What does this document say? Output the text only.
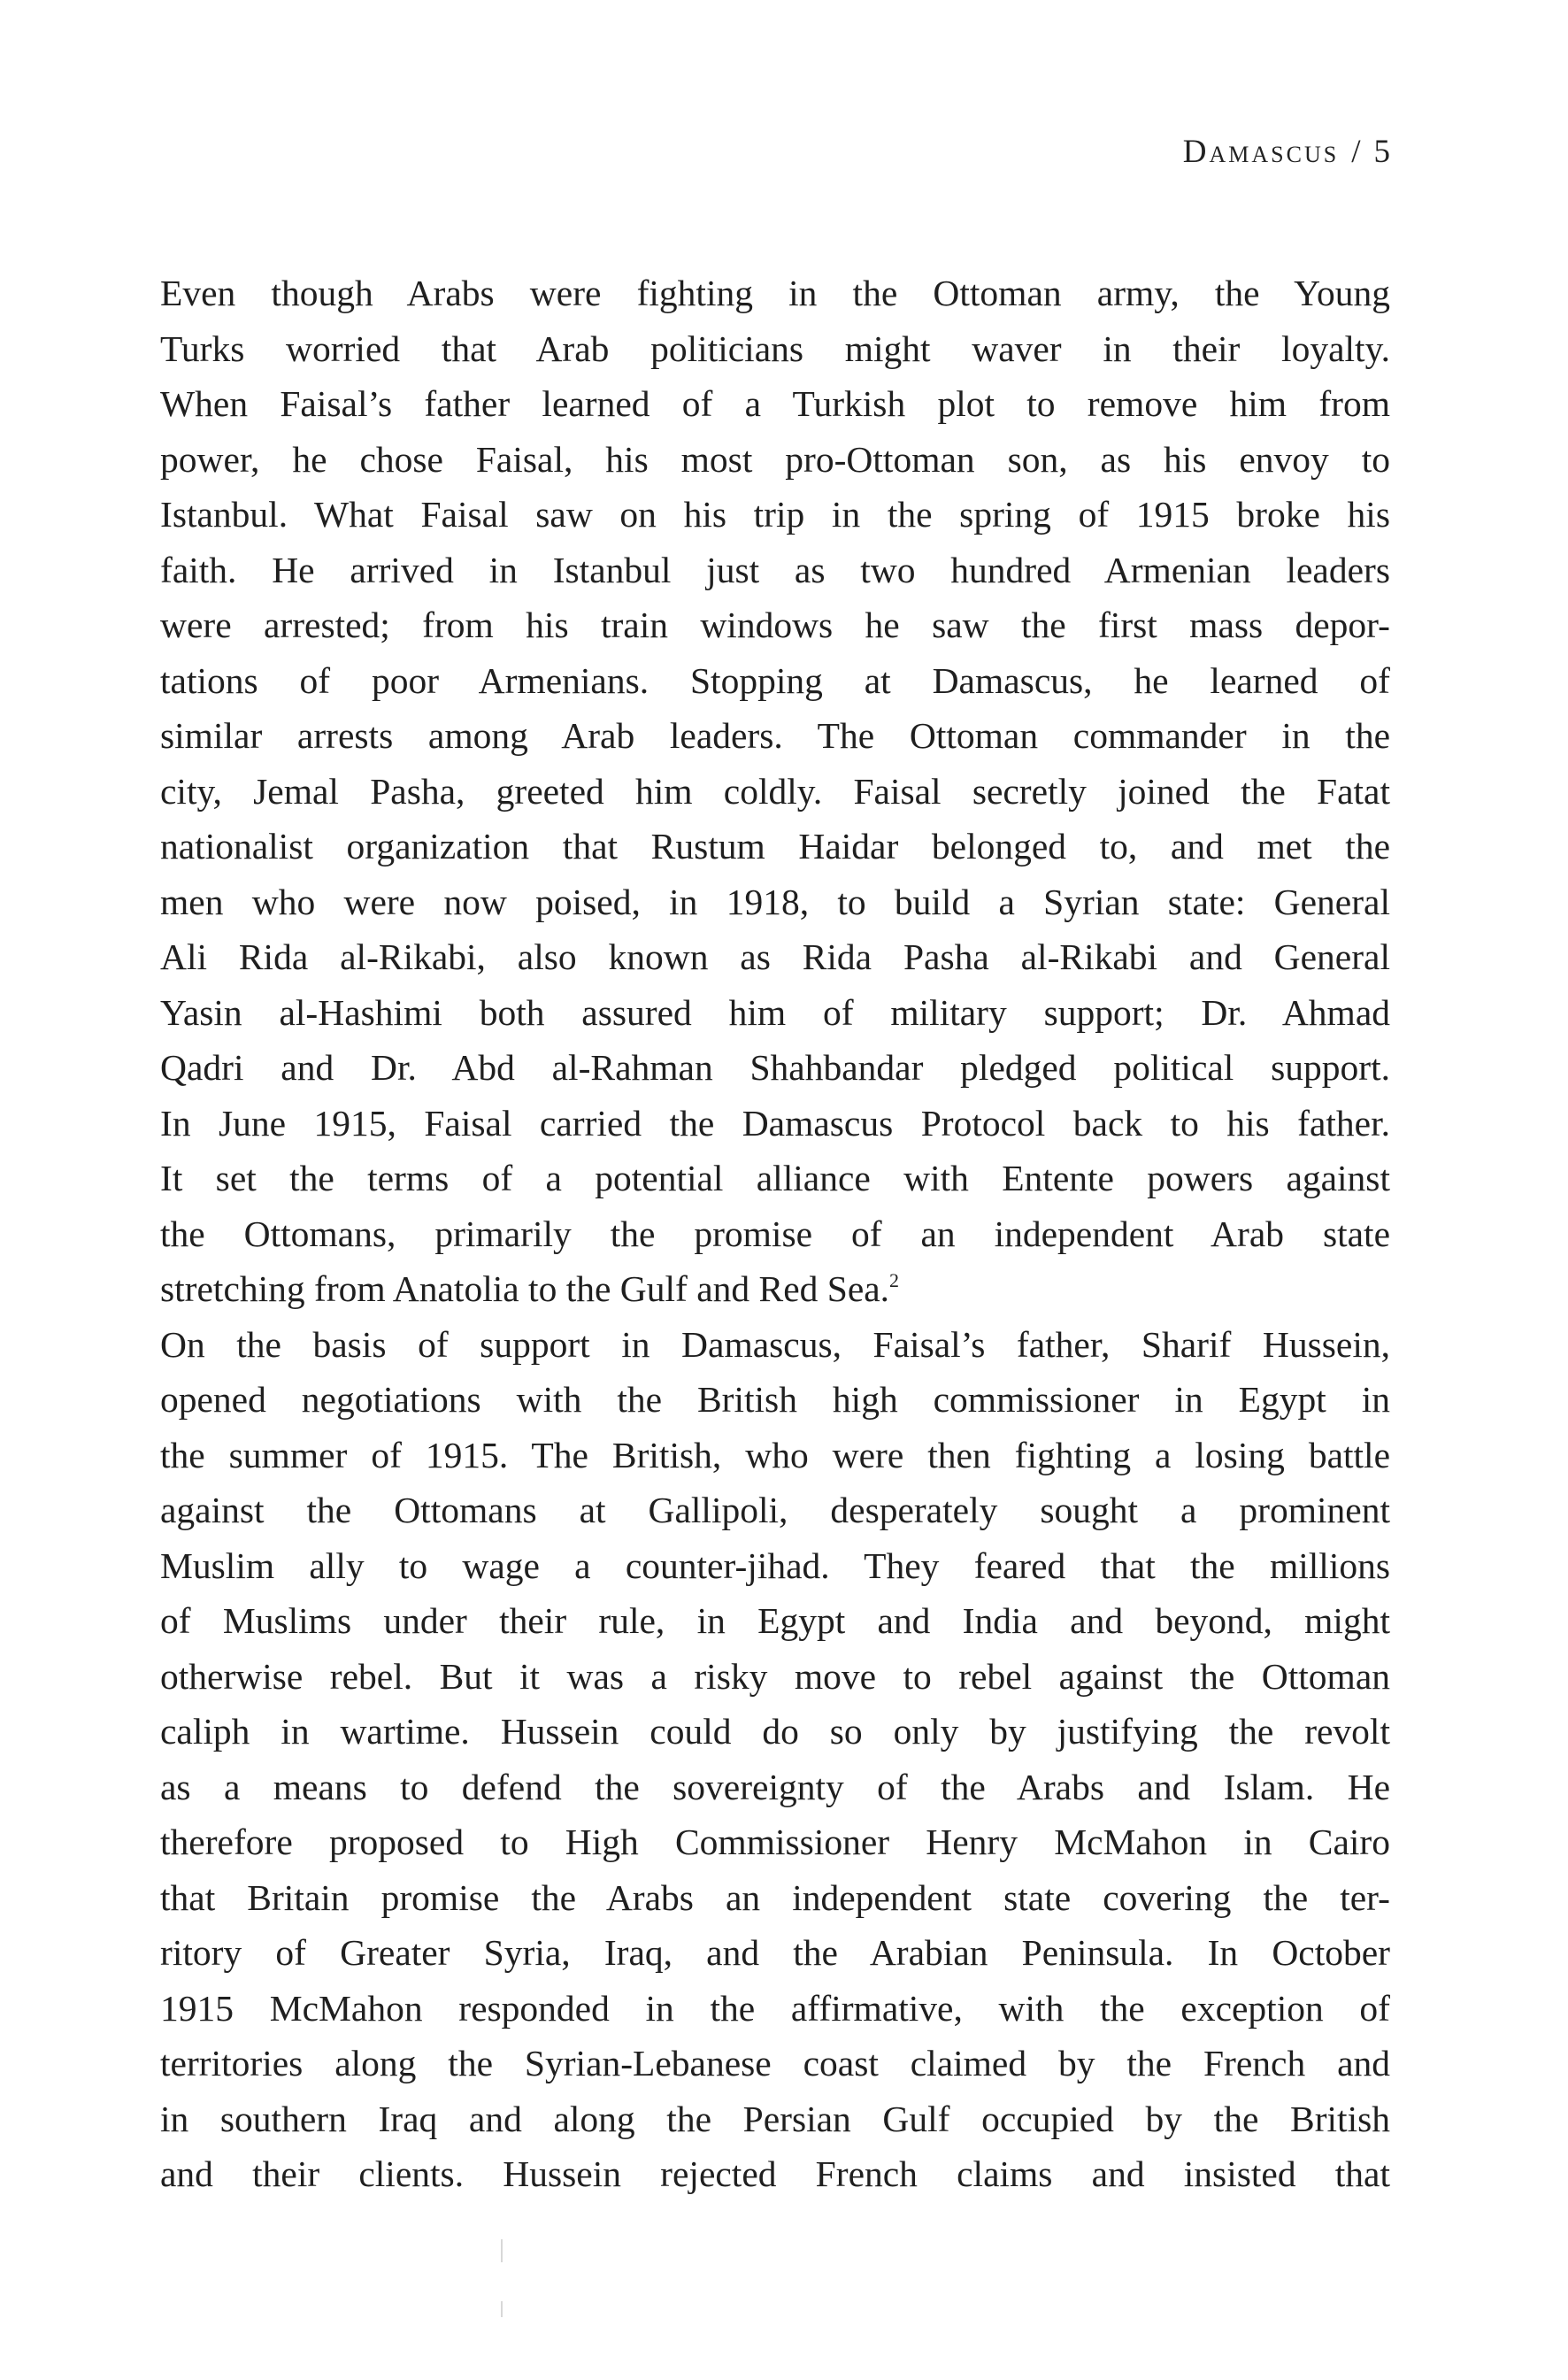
Damascus / 5
Even though Arabs were fighting in the Ottoman army, the Young
Turks worried that Arab politicians might waver in their loyalty.
When Faisal’s father learned of a Turkish plot to remove him from
power, he chose Faisal, his most pro-Ottoman son, as his envoy to
Istanbul. What Faisal saw on his trip in the spring of 1915 broke his
faith. He arrived in Istanbul just as two hundred Armenian leaders
were arrested; from his train windows he saw the first mass depor-
tations of poor Armenians. Stopping at Damascus, he learned of
similar arrests among Arab leaders. The Ottoman commander in the
city, Jemal Pasha, greeted him coldly. Faisal secretly joined the Fatat
nationalist organization that Rustum Haidar belonged to, and met the
men who were now poised, in 1918, to build a Syrian state: General
Ali Rida al-Rikabi, also known as Rida Pasha al-Rikabi and General
Yasin al-Hashimi both assured him of military support; Dr. Ahmad
Qadri and Dr. Abd al-Rahman Shahbandar pledged political support.
In June 1915, Faisal carried the Damascus Protocol back to his father.
It set the terms of a potential alliance with Entente powers against
the Ottomans, primarily the promise of an independent Arab state
stretching from Anatolia to the Gulf and Red Sea.$^2$
On the basis of support in Damascus, Faisal’s father, Sharif Hussein,
opened negotiations with the British high commissioner in Egypt in
the summer of 1915. The British, who were then fighting a losing battle
against the Ottomans at Gallipoli, desperately sought a prominent
Muslim ally to wage a counter-jihad. They feared that the millions
of Muslims under their rule, in Egypt and India and beyond, might
otherwise rebel. But it was a risky move to rebel against the Ottoman
caliph in wartime. Hussein could do so only by justifying the revolt
as a means to defend the sovereignty of the Arabs and Islam. He
therefore proposed to High Commissioner Henry McMahon in Cairo
that Britain promise the Arabs an independent state covering the ter-
ritory of Greater Syria, Iraq, and the Arabian Peninsula. In October
1915 McMahon responded in the affirmative, with the exception of
territories along the Syrian-Lebanese coast claimed by the French and
in southern Iraq and along the Persian Gulf occupied by the British
and their clients. Hussein rejected French claims and insisted that
